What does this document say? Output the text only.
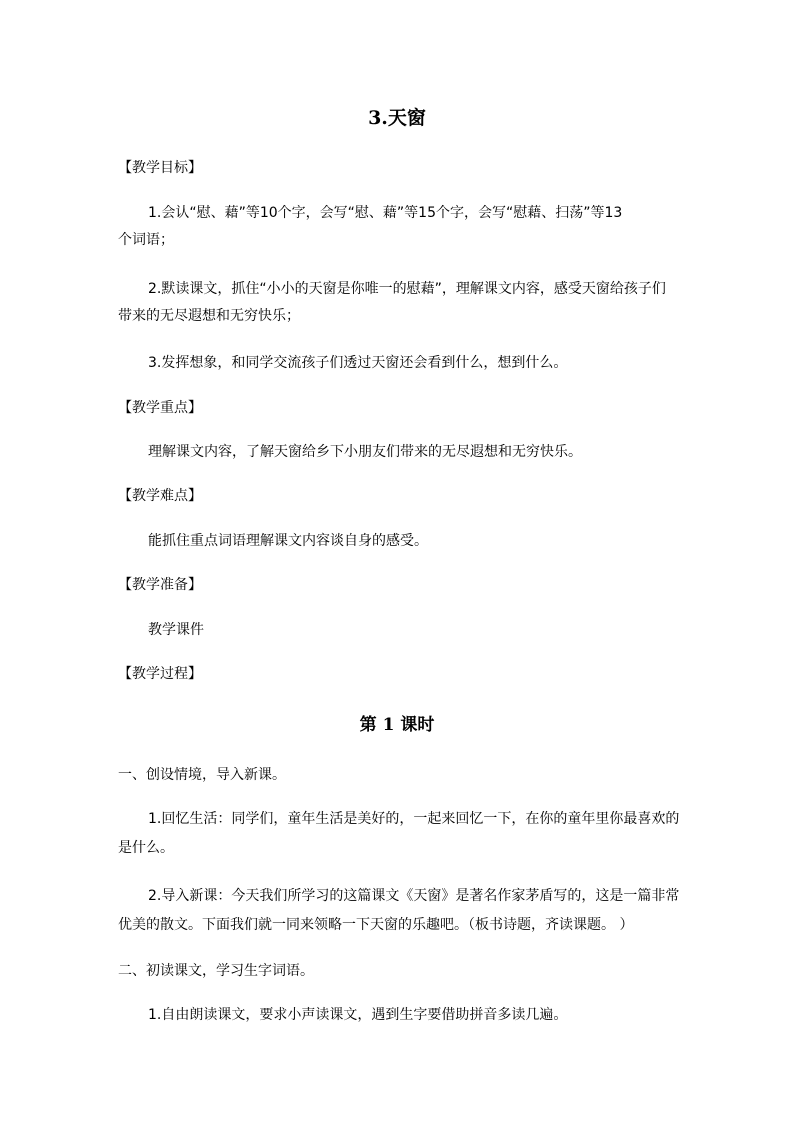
3.天窗
【教学目标】
1.会认“慰、藉”等10个字，会写“慰、藉”等15个字，会写“慰藉、扫荡”等13
个词语；
2.默读课文，抓住“小小的天窗是你唯一的慰藉”，理解课文内容，感受天窗给孩子们
带来的无尽遐想和无穷快乐；
3.发挥想象，和同学交流孩子们透过天窗还会看到什么，想到什么。
【教学重点】
理解课文内容，了解天窗给乡下小朋友们带来的无尽遐想和无穷快乐。
【教学难点】
能抓住重点词语理解课文内容谈自身的感受。
【教学准备】
教学课件
【教学过程】
第 1 课时
一、创设情境，导入新课。
1.回忆生活：同学们，童年生活是美好的，一起来回忆一下，在你的童年里你最喜欢的
是什么。
2.导入新课：今天我们所学习的这篇课文《天窗》是著名作家茅盾写的，这是一篇非常
优美的散文。下面我们就一同来领略一下天窗的乐趣吧。（板书诗题，齐读课题。 ）
二、初读课文，学习生字词语。
1.自由朗读课文，要求小声读课文，遇到生字要借助拼音多读几遍。
